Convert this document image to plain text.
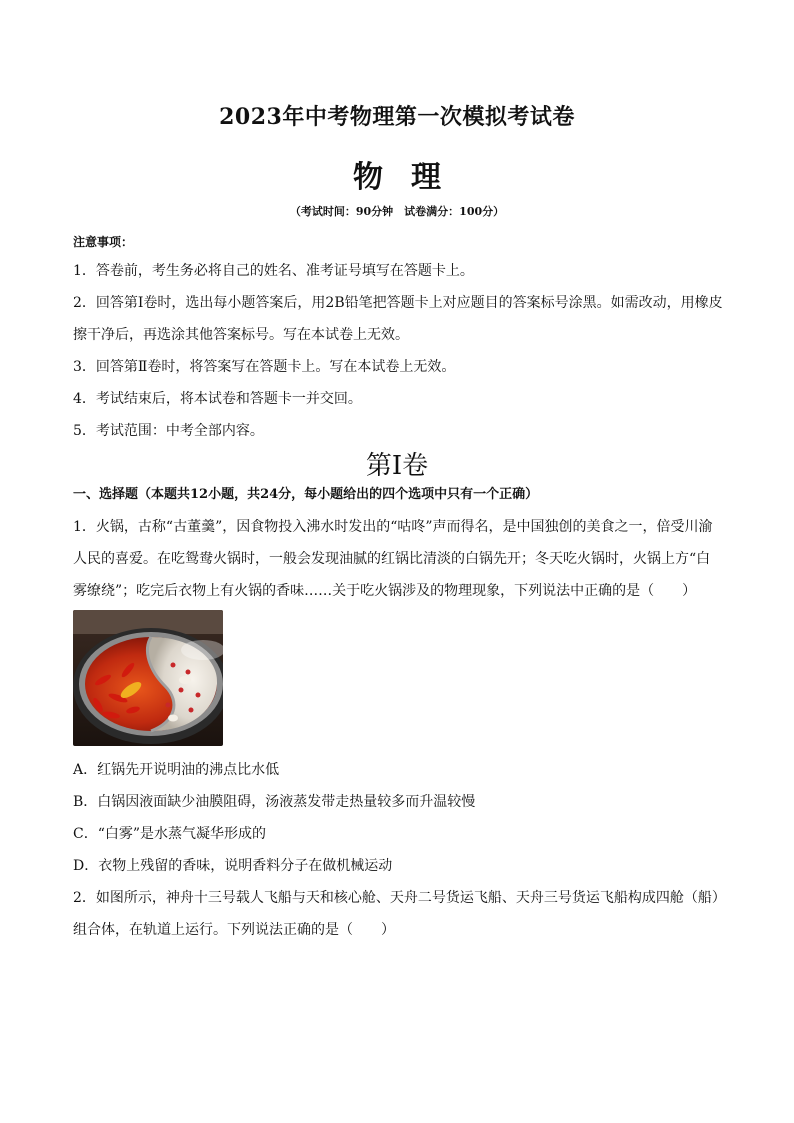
2023年中考物理第一次模拟考试卷
物理
（考试时间：90分钟　试卷满分：100分）

注意事项：

1．答卷前，考生务必将自己的姓名、准考证号填写在答题卡上。

2．回答第Ⅰ卷时，选出每小题答案后，用2B铅笔把答题卡上对应题目的答案标号涂黑。如需改动，用橡皮擦干净后，再选涂其他答案标号。写在本试卷上无效。

3．回答第Ⅱ卷时，将答案写在答题卡上。写在本试卷上无效。

4．考试结束后，将本试卷和答题卡一并交回。

5．考试范围：中考全部内容。

第Ⅰ卷

一、选择题（本题共12小题，共24分，每小题给出的四个选项中只有一个正确）

1．火锅，古称“古董羹”，因食物投入沸水时发出的“咕咚”声而得名，是中国独创的美食之一，倍受川渝人民的喜爱。在吃鸳鸯火锅时，一般会发现油腻的红锅比清淡的白锅先开；冬天吃火锅时，火锅上方“白雾缭绕”；吃完后衣物上有火锅的香味……关于吃火锅涉及的物理现象，下列说法中正确的是（　　）

A．红锅先开说明油的沸点比水低

B．白锅因液面缺少油膜阻碍，汤液蒸发带走热量较多而升温较慢

C．“白雾”是水蒸气凝华形成的

D．衣物上残留的香味，说明香料分子在做机械运动

2．如图所示，神舟十三号载人飞船与天和核心舱、天舟二号货运飞船、天舟三号货运飞船构成四舱（船）组合体，在轨道上运行。下列说法正确的是（　　）
